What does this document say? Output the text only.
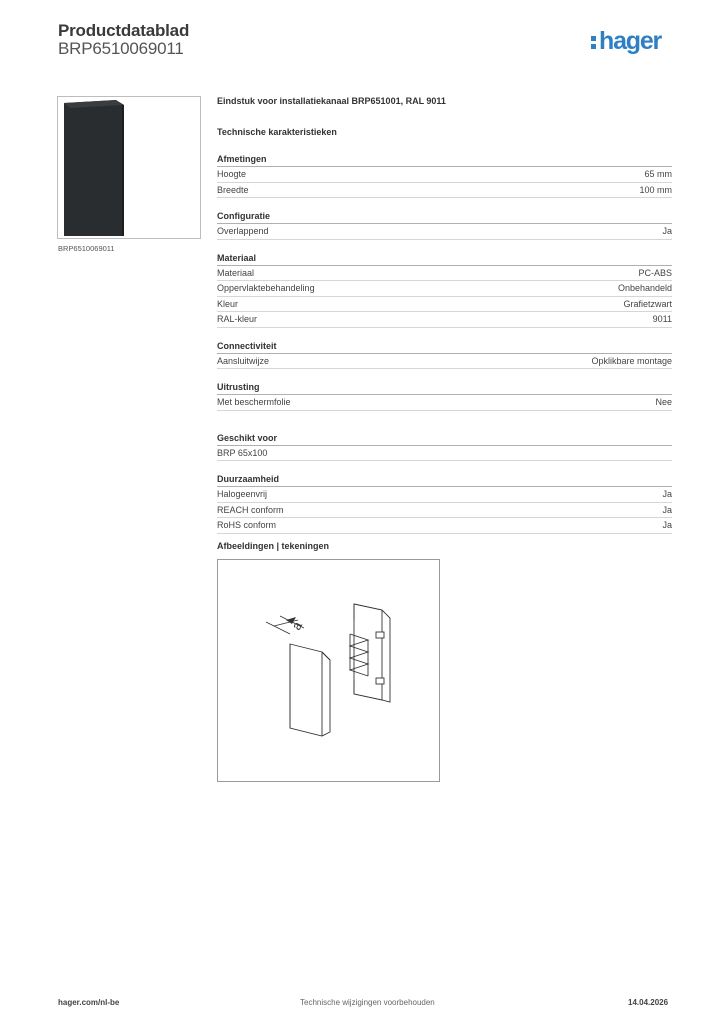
Productdatablad
BRP6510069011	hager
BRP6510069011
Eindstuk voor installatiekanaal BRP651001, RAL 9011
Technische karakteristieken
Afmetingen
Hoogte	65 mm
Breedte	100 mm
Configuratie
Overlappend	Ja
Materiaal
Materiaal	PC-ABS
Oppervlaktebehandeling	Onbehandeld
Kleur	Grafietzwart
RAL-kleur	9011
Connectiviteit
Aansluitwijze	Opklikbare montage
Uitrusting
Met beschermfolie	Nee
Geschikt voor
BRP 65x100
Duurzaamheid
Halogeenvrij	Ja
REACH conform	Ja
RoHS conform	Ja
Afbeeldingen | tekeningen
a
hager.com/nl-be	Technische wijzigingen voorbehouden	14.04.2026
